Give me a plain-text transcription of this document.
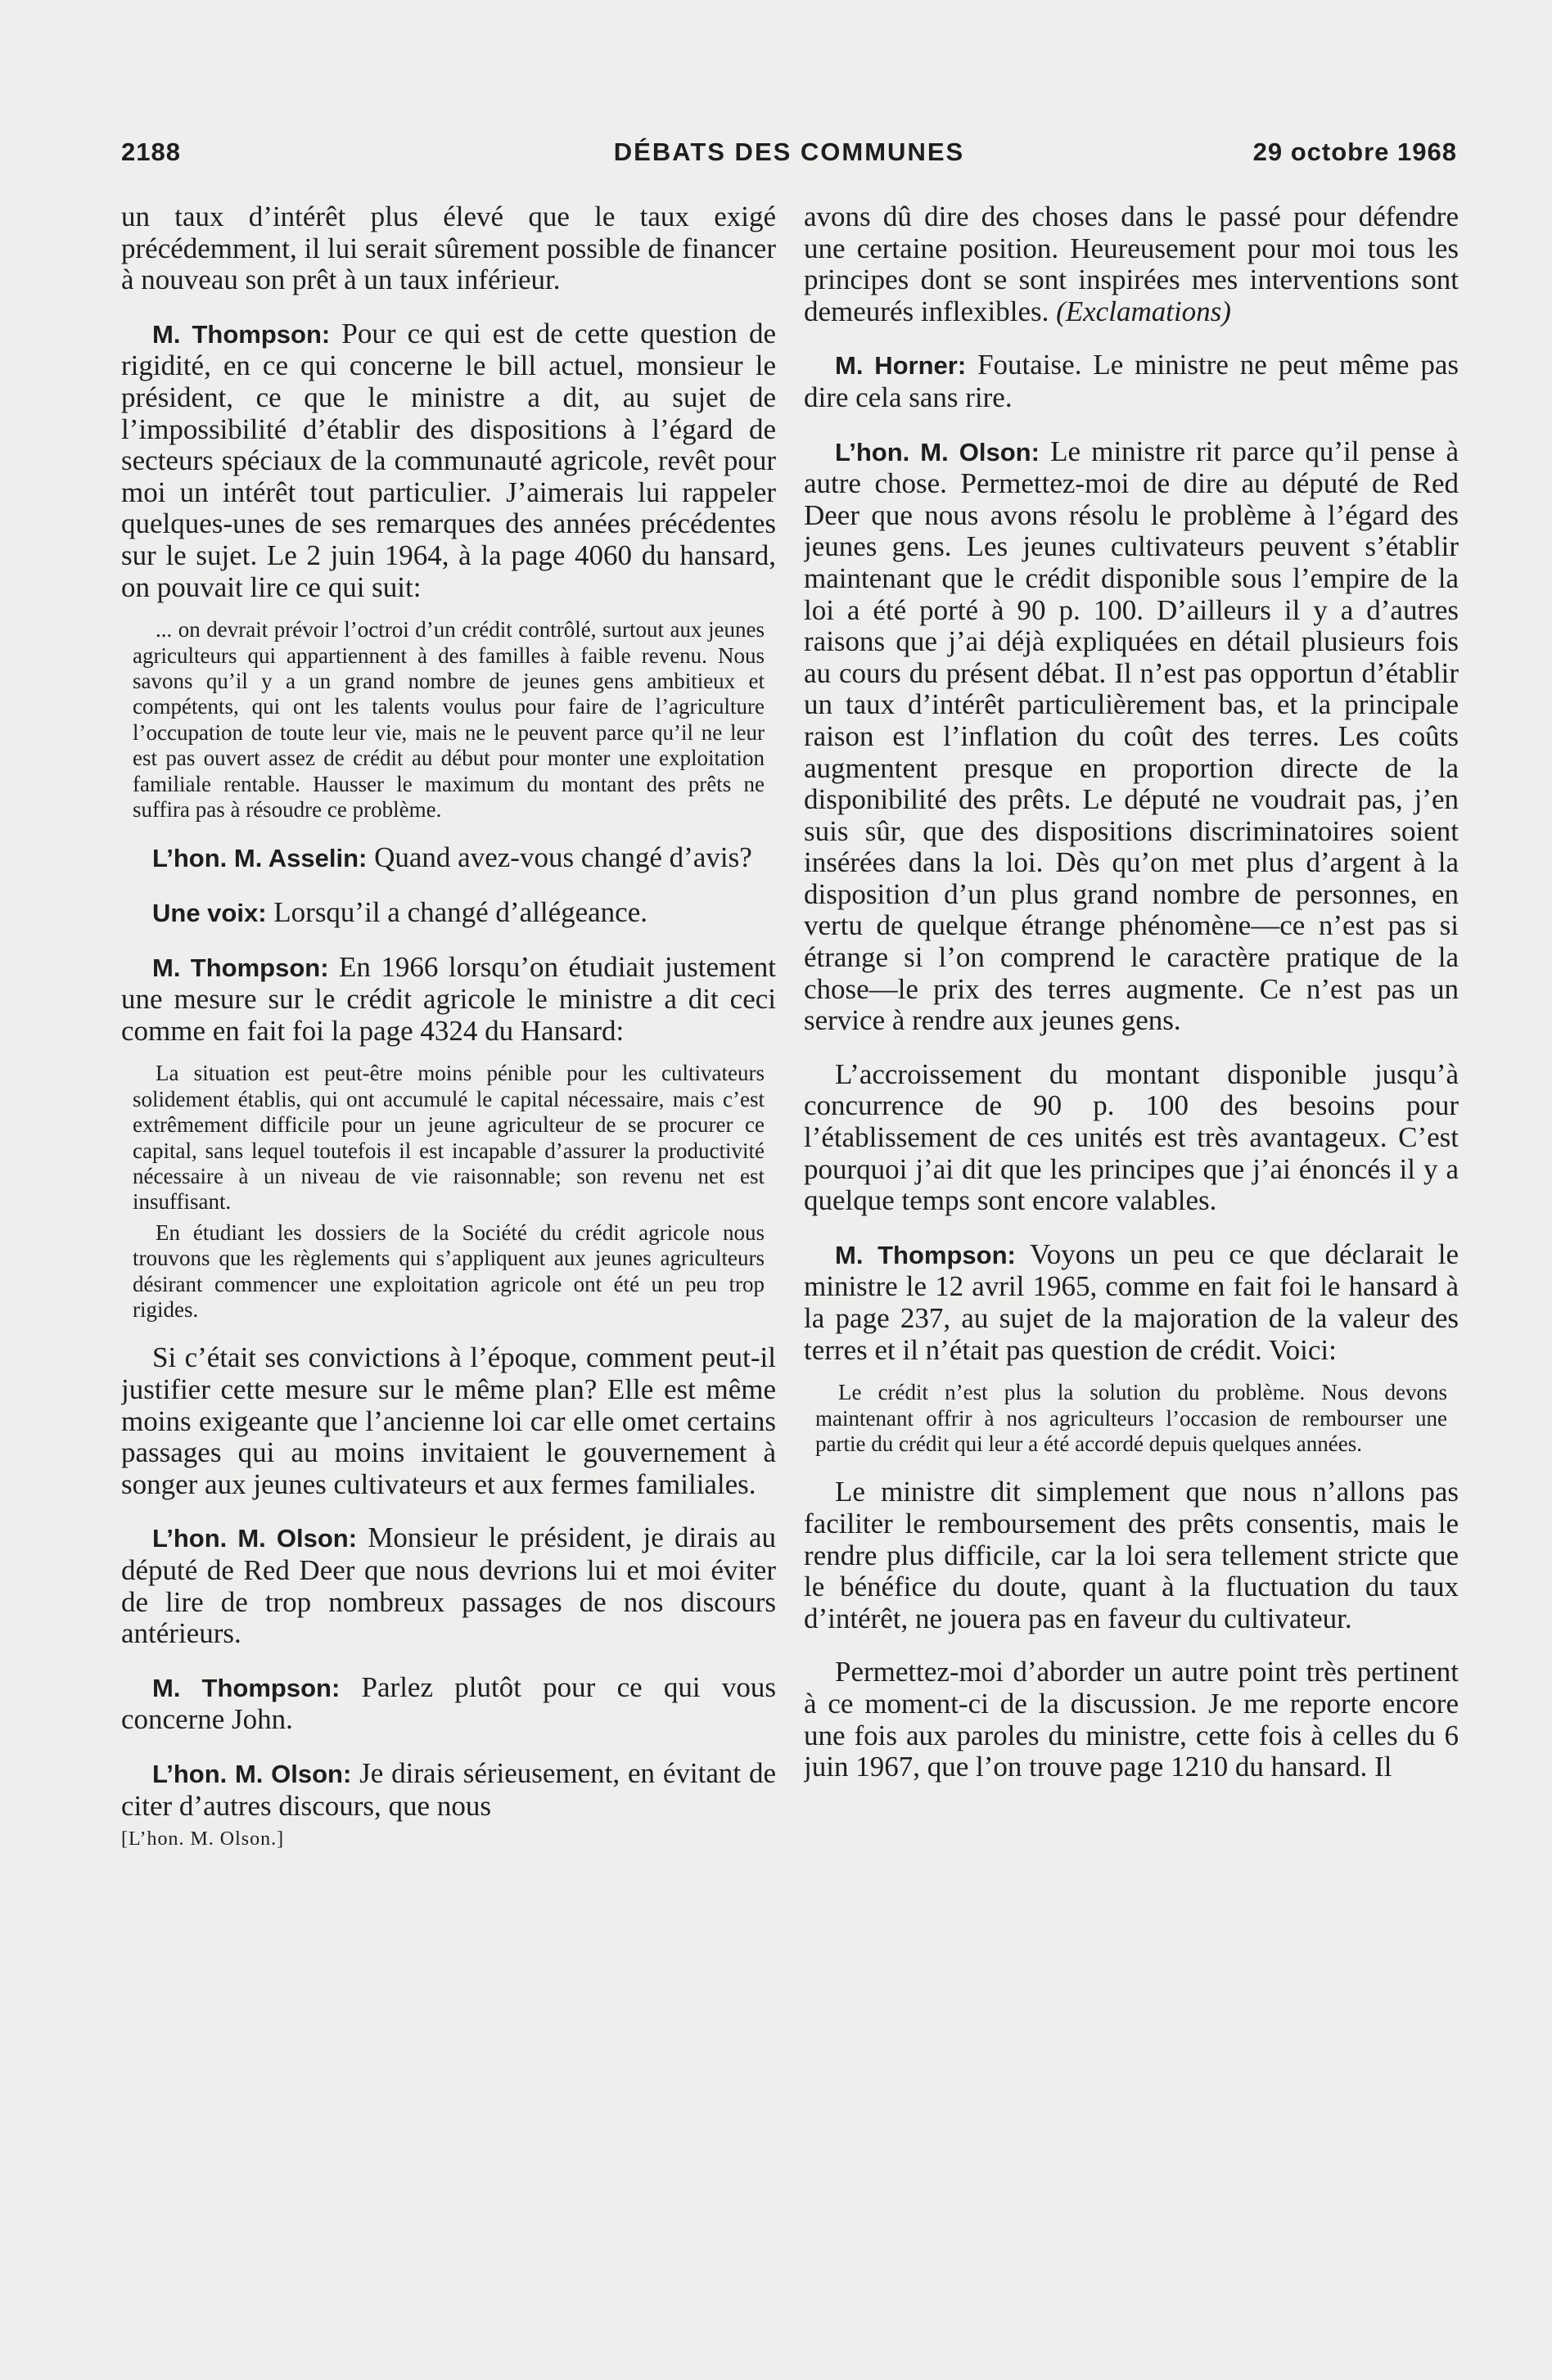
2188	DÉBATS DES COMMUNES	29 octobre 1968

un taux d’intérêt plus élevé que le taux exigé précédemment, il lui serait sûrement possible de financer à nouveau son prêt à un taux inférieur.

M. Thompson: Pour ce qui est de cette question de rigidité, en ce qui concerne le bill actuel, monsieur le président, ce que le ministre a dit, au sujet de l’impossibilité d’établir des dispositions à l’égard de secteurs spéciaux de la communauté agricole, revêt pour moi un intérêt tout particulier. J’aimerais lui rappeler quelques-unes de ses remarques des années précédentes sur le sujet. Le 2 juin 1964, à la page 4060 du hansard, on pouvait lire ce qui suit:

... on devrait prévoir l’octroi d’un crédit contrôlé, surtout aux jeunes agriculteurs qui appartiennent à des familles à faible revenu. Nous savons qu’il y a un grand nombre de jeunes gens ambitieux et compétents, qui ont les talents voulus pour faire de l’agriculture l’occupation de toute leur vie, mais ne le peuvent parce qu’il ne leur est pas ouvert assez de crédit au début pour monter une exploitation familiale rentable. Hausser le maximum du montant des prêts ne suffira pas à résoudre ce problème.

L’hon. M. Asselin: Quand avez-vous changé d’avis?

Une voix: Lorsqu’il a changé d’allégeance.

M. Thompson: En 1966 lorsqu’on étudiait justement une mesure sur le crédit agricole le ministre a dit ceci comme en fait foi la page 4324 du Hansard:

La situation est peut-être moins pénible pour les cultivateurs solidement établis, qui ont accumulé le capital nécessaire, mais c’est extrêmement difficile pour un jeune agriculteur de se procurer ce capital, sans lequel toutefois il est incapable d’assurer la productivité nécessaire à un niveau de vie raisonnable; son revenu net est insuffisant.

En étudiant les dossiers de la Société du crédit agricole nous trouvons que les règlements qui s’appliquent aux jeunes agriculteurs désirant commencer une exploitation agricole ont été un peu trop rigides.

Si c’était ses convictions à l’époque, comment peut-il justifier cette mesure sur le même plan? Elle est même moins exigeante que l’ancienne loi car elle omet certains passages qui au moins invitaient le gouvernement à songer aux jeunes cultivateurs et aux fermes familiales.

L’hon. M. Olson: Monsieur le président, je dirais au député de Red Deer que nous devrions lui et moi éviter de lire de trop nombreux passages de nos discours antérieurs.

M. Thompson: Parlez plutôt pour ce qui vous concerne John.

L’hon. M. Olson: Je dirais sérieusement, en évitant de citer d’autres discours, que nous

[L’hon. M. Olson.]

avons dû dire des choses dans le passé pour défendre une certaine position. Heureusement pour moi tous les principes dont se sont inspirées mes interventions sont demeurés inflexibles. (Exclamations)

M. Horner: Foutaise. Le ministre ne peut même pas dire cela sans rire.

L’hon. M. Olson: Le ministre rit parce qu’il pense à autre chose. Permettez-moi de dire au député de Red Deer que nous avons résolu le problème à l’égard des jeunes gens. Les jeunes cultivateurs peuvent s’établir maintenant que le crédit disponible sous l’empire de la loi a été porté à 90 p. 100. D’ailleurs il y a d’autres raisons que j’ai déjà expliquées en détail plusieurs fois au cours du présent débat. Il n’est pas opportun d’établir un taux d’intérêt particulièrement bas, et la principale raison est l’inflation du coût des terres. Les coûts augmentent presque en proportion directe de la disponibilité des prêts. Le député ne voudrait pas, j’en suis sûr, que des dispositions discriminatoires soient insérées dans la loi. Dès qu’on met plus d’argent à la disposition d’un plus grand nombre de personnes, en vertu de quelque étrange phénomène—ce n’est pas si étrange si l’on comprend le caractère pratique de la chose—le prix des terres augmente. Ce n’est pas un service à rendre aux jeunes gens.

L’accroissement du montant disponible jusqu’à concurrence de 90 p. 100 des besoins pour l’établissement de ces unités est très avantageux. C’est pourquoi j’ai dit que les principes que j’ai énoncés il y a quelque temps sont encore valables.

M. Thompson: Voyons un peu ce que déclarait le ministre le 12 avril 1965, comme en fait foi le hansard à la page 237, au sujet de la majoration de la valeur des terres et il n’était pas question de crédit. Voici:

Le crédit n’est plus la solution du problème. Nous devons maintenant offrir à nos agriculteurs l’occasion de rembourser une partie du crédit qui leur a été accordé depuis quelques années.

Le ministre dit simplement que nous n’allons pas faciliter le remboursement des prêts consentis, mais le rendre plus difficile, car la loi sera tellement stricte que le bénéfice du doute, quant à la fluctuation du taux d’intérêt, ne jouera pas en faveur du cultivateur.

Permettez-moi d’aborder un autre point très pertinent à ce moment-ci de la discussion. Je me reporte encore une fois aux paroles du ministre, cette fois à celles du 6 juin 1967, que l’on trouve page 1210 du hansard. Il
